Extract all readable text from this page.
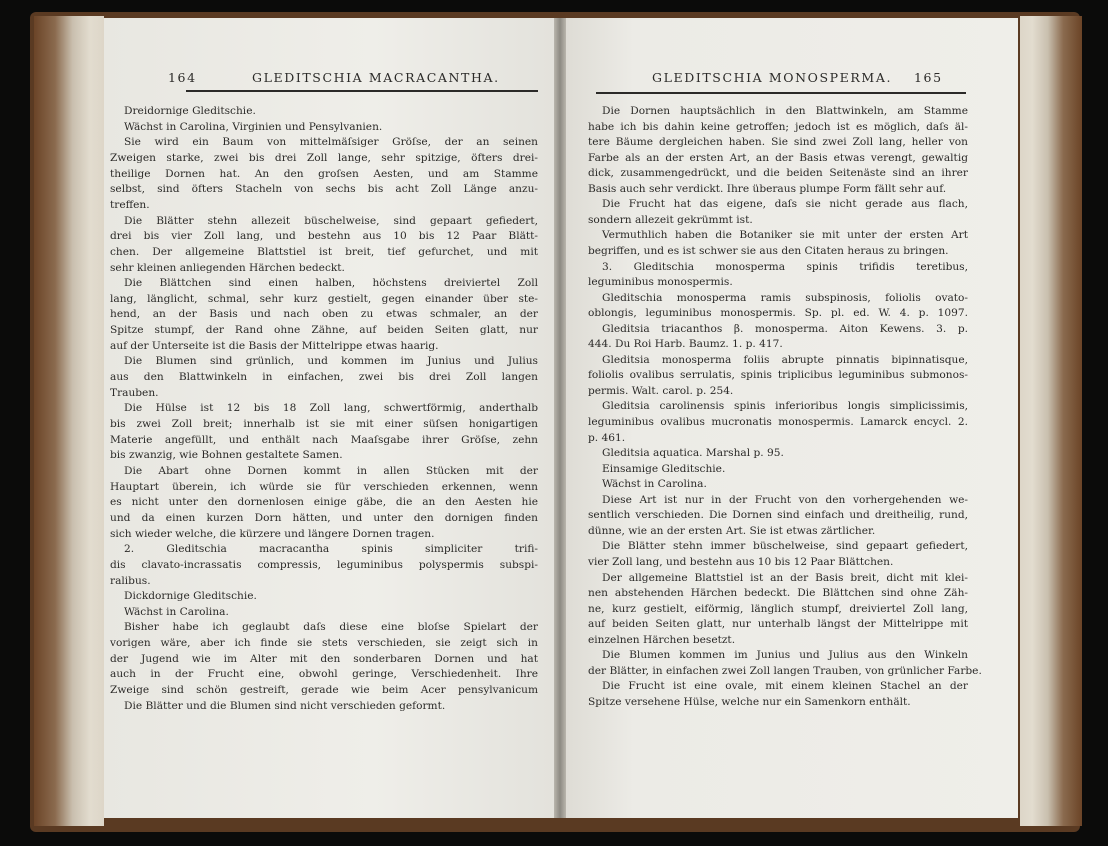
164	GLEDITSCHIA MACRACANTHA.
Dreidornige Gleditschie.
Wächst in Carolina, Virginien und Pensylvanien.
Sie wird ein Baum von mittelmäſsiger Gröſse, der an seinen
Zweigen starke, zwei bis drei Zoll lange, sehr spitzige, öfters drei-
theilige Dornen hat. An den groſsen Aesten, und am Stamme
selbst, sind öfters Stacheln von sechs bis acht Zoll Länge anzu-
treffen.
Die Blätter stehn allezeit büschelweise, sind gepaart gefiedert,
drei bis vier Zoll lang, und bestehn aus 10 bis 12 Paar Blätt-
chen. Der allgemeine Blattstiel ist breit, tief gefurchet, und mit
sehr kleinen anliegenden Härchen bedeckt.
Die Blättchen sind einen halben, höchstens dreiviertel Zoll
lang, länglicht, schmal, sehr kurz gestielt, gegen einander über ste-
hend, an der Basis und nach oben zu etwas schmaler, an der
Spitze stumpf, der Rand ohne Zähne, auf beiden Seiten glatt, nur
auf der Unterseite ist die Basis der Mittelrippe etwas haarig.
Die Blumen sind grünlich, und kommen im Junius und Julius
aus den Blattwinkeln in einfachen, zwei bis drei Zoll langen
Trauben.
Die Hülse ist 12 bis 18 Zoll lang, schwertförmig, anderthalb
bis zwei Zoll breit; innerhalb ist sie mit einer süſsen honigartigen
Materie angefüllt, und enthält nach Maaſsgabe ihrer Gröſse, zehn
bis zwanzig, wie Bohnen gestaltete Samen.
Die Abart ohne Dornen kommt in allen Stücken mit der
Hauptart überein, ich würde sie für verschieden erkennen, wenn
es nicht unter den dornenlosen einige gäbe, die an den Aesten hie
und da einen kurzen Dorn hätten, und unter den dornigen finden
sich wieder welche, die kürzere und längere Dornen tragen.
2. Gleditschia macracantha spinis simpliciter trifi-
dis clavato-incrassatis compressis, leguminibus polyspermis subspi-
ralibus.
Dickdornige Gleditschie.
Wächst in Carolina.
Bisher habe ich geglaubt daſs diese eine bloſse Spielart der
vorigen wäre, aber ich finde sie stets verschieden, sie zeigt sich in
der Jugend wie im Alter mit den sonderbaren Dornen und hat
auch in der Frucht eine, obwohl geringe, Verschiedenheit. Ihre
Zweige sind schön gestreift, gerade wie beim Acer pensylvanicum
Die Blätter und die Blumen sind nicht verschieden geformt.
GLEDITSCHIA MONOSPERMA. 165
Die Dornen hauptsächlich in den Blattwinkeln, am Stamme
habe ich bis dahin keine getroffen; jedoch ist es möglich, daſs äl-
tere Bäume dergleichen haben. Sie sind zwei Zoll lang, heller von
Farbe als an der ersten Art, an der Basis etwas verengt, gewaltig
dick, zusammengedrückt, und die beiden Seitenäste sind an ihrer
Basis auch sehr verdickt. Ihre überaus plumpe Form fällt sehr auf.
Die Frucht hat das eigene, daſs sie nicht gerade aus flach,
sondern allezeit gekrümmt ist.
Vermuthlich haben die Botaniker sie mit unter der ersten Art
begriffen, und es ist schwer sie aus den Citaten heraus zu bringen.
3. Gleditschia monosperma spinis trifidis teretibus,
leguminibus monospermis.
Gleditschia monosperma ramis subspinosis, foliolis ovato-
oblongis, leguminibus monospermis. Sp. pl. ed. W. 4. p. 1097.
Gleditsia triacanthos β. monosperma. Aiton Kewens. 3. p.
444. Du Roi Harb. Baumz. 1. p. 417.
Gleditsia monosperma foliis abrupte pinnatis bipinnatisque,
foliolis ovalibus serrulatis, spinis triplicibus leguminibus submonos-
permis. Walt. carol. p. 254.
Gleditsia carolinensis spinis inferioribus longis simplicissimis,
leguminibus ovalibus mucronatis monospermis. Lamarck encycl. 2.
p. 461.
Gleditsia aquatica. Marshal p. 95.
Einsamige Gleditschie.
Wächst in Carolina.
Diese Art ist nur in der Frucht von den vorhergehenden we-
sentlich verschieden. Die Dornen sind einfach und dreitheilig, rund,
dünne, wie an der ersten Art. Sie ist etwas zärtlicher.
Die Blätter stehn immer büschelweise, sind gepaart gefiedert,
vier Zoll lang, und bestehn aus 10 bis 12 Paar Blättchen.
Der allgemeine Blattstiel ist an der Basis breit, dicht mit klei-
nen abstehenden Härchen bedeckt. Die Blättchen sind ohne Zäh-
ne, kurz gestielt, eiförmig, länglich stumpf, dreiviertel Zoll lang,
auf beiden Seiten glatt, nur unterhalb längst der Mittelrippe mit
einzelnen Härchen besetzt.
Die Blumen kommen im Junius und Julius aus den Winkeln
der Blätter, in einfachen zwei Zoll langen Trauben, von grünlicher Farbe.
Die Frucht ist eine ovale, mit einem kleinen Stachel an der
Spitze versehene Hülse, welche nur ein Samenkorn enthält.
